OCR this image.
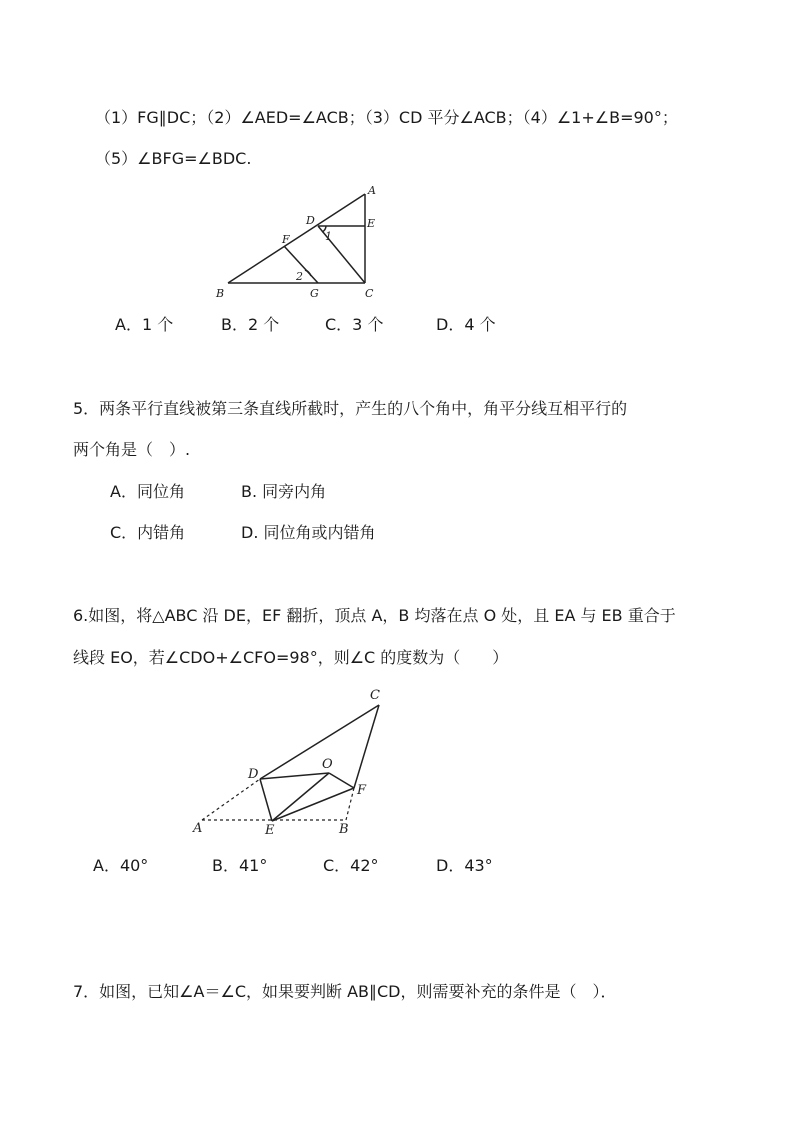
（1）FG∥DC；（2）∠AED=∠ACB；（3）CD 平分∠ACB；（4）∠1+∠B=90°；
（5）∠BFG=∠BDC.
A
D	E
F	1
2
B	G	C
A．1 个	B．2 个	C．3 个	D．4 个
5．两条平行直线被第三条直线所截时，产生的八个角中，角平分线互相平行的
两个角是（　）.
A．同位角	B. 同旁内角
C．内错角	D. 同位角或内错角
6.如图，将△ABC 沿 DE，EF 翻折，顶点 A，B 均落在点 O 处，且 EA 与 EB 重合于
线段 EO，若∠CDO+∠CFO=98°，则∠C 的度数为（　　）
C
D
O
F
A	E	B
A．40°	B．41°	C．42°	D．43°
7．如图，已知∠A＝∠C，如果要判断 AB∥CD，则需要补充的条件是（　）．
